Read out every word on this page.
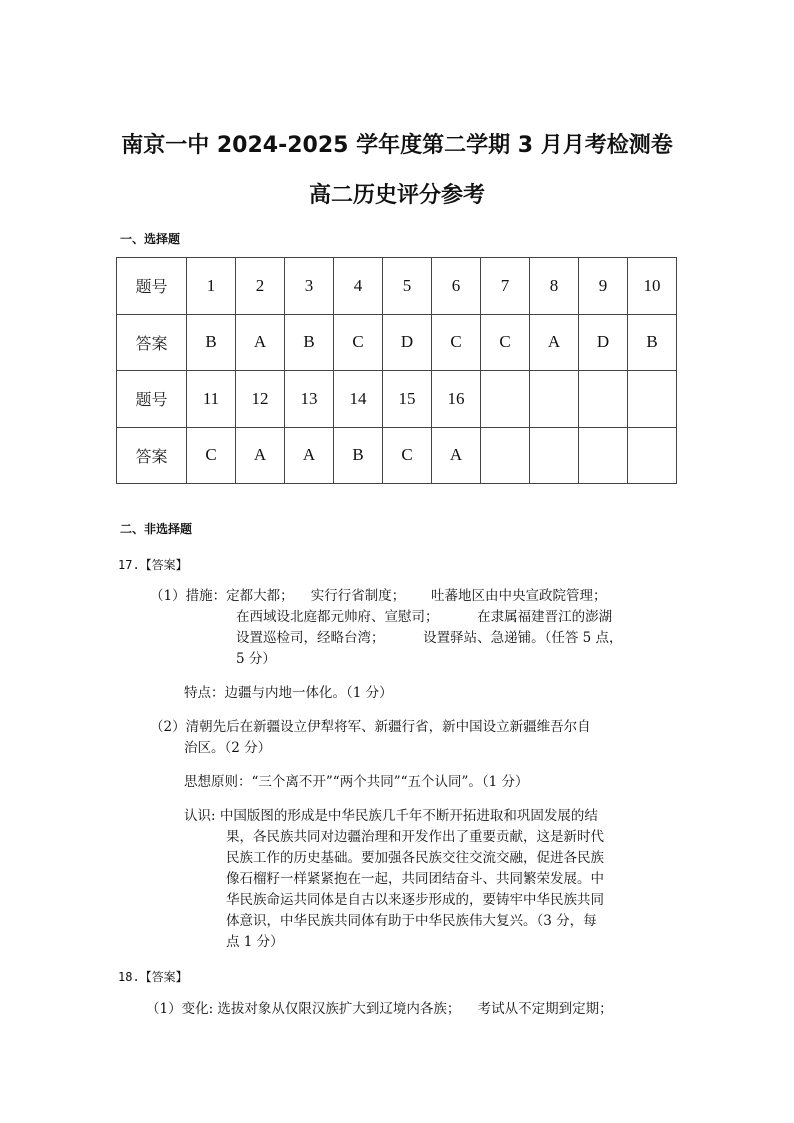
南京一中 2024-2025 学年度第二学期 3 月月考检测卷
高二历史评分参考
一、选择题
题号	1	2	3	4	5	6	7	8	9	10
答案	B	A	B	C	D	C	C	A	D	B
题号	11	12	13	14	15	16				
答案	C	A	A	B	C	A				
二、非选择题
17.【答案】
（1）措施：定都大都；    实行行省制度；      吐蕃地区由中央宣政院管理；
在西域设北庭都元帅府、宣慰司；         在隶属福建晋江的澎湖
设置巡检司，经略台湾；         设置驿站、急递铺。（任答 5 点，
5 分）
特点：边疆与内地一体化。（1 分）
（2）清朝先后在新疆设立伊犁将军、新疆行省，新中国设立新疆维吾尔自
治区。（2 分）
思想原则：“三个离不开”“两个共同”“五个认同”。（1 分）
认识: 中国版图的形成是中华民族几千年不断开拓进取和巩固发展的结
果，各民族共同对边疆治理和开发作出了重要贡献，这是新时代
民族工作的历史基础。要加强各民族交往交流交融，促进各民族
像石榴籽一样紧紧抱在一起，共同团结奋斗、共同繁荣发展。中
华民族命运共同体是自古以来逐步形成的，要铸牢中华民族共同
体意识，中华民族共同体有助于中华民族伟大复兴。（3 分，每
点 1 分）
18.【答案】
（1）变化: 选拔对象从仅限汉族扩大到辽境内各族；    考试从不定期到定期；
